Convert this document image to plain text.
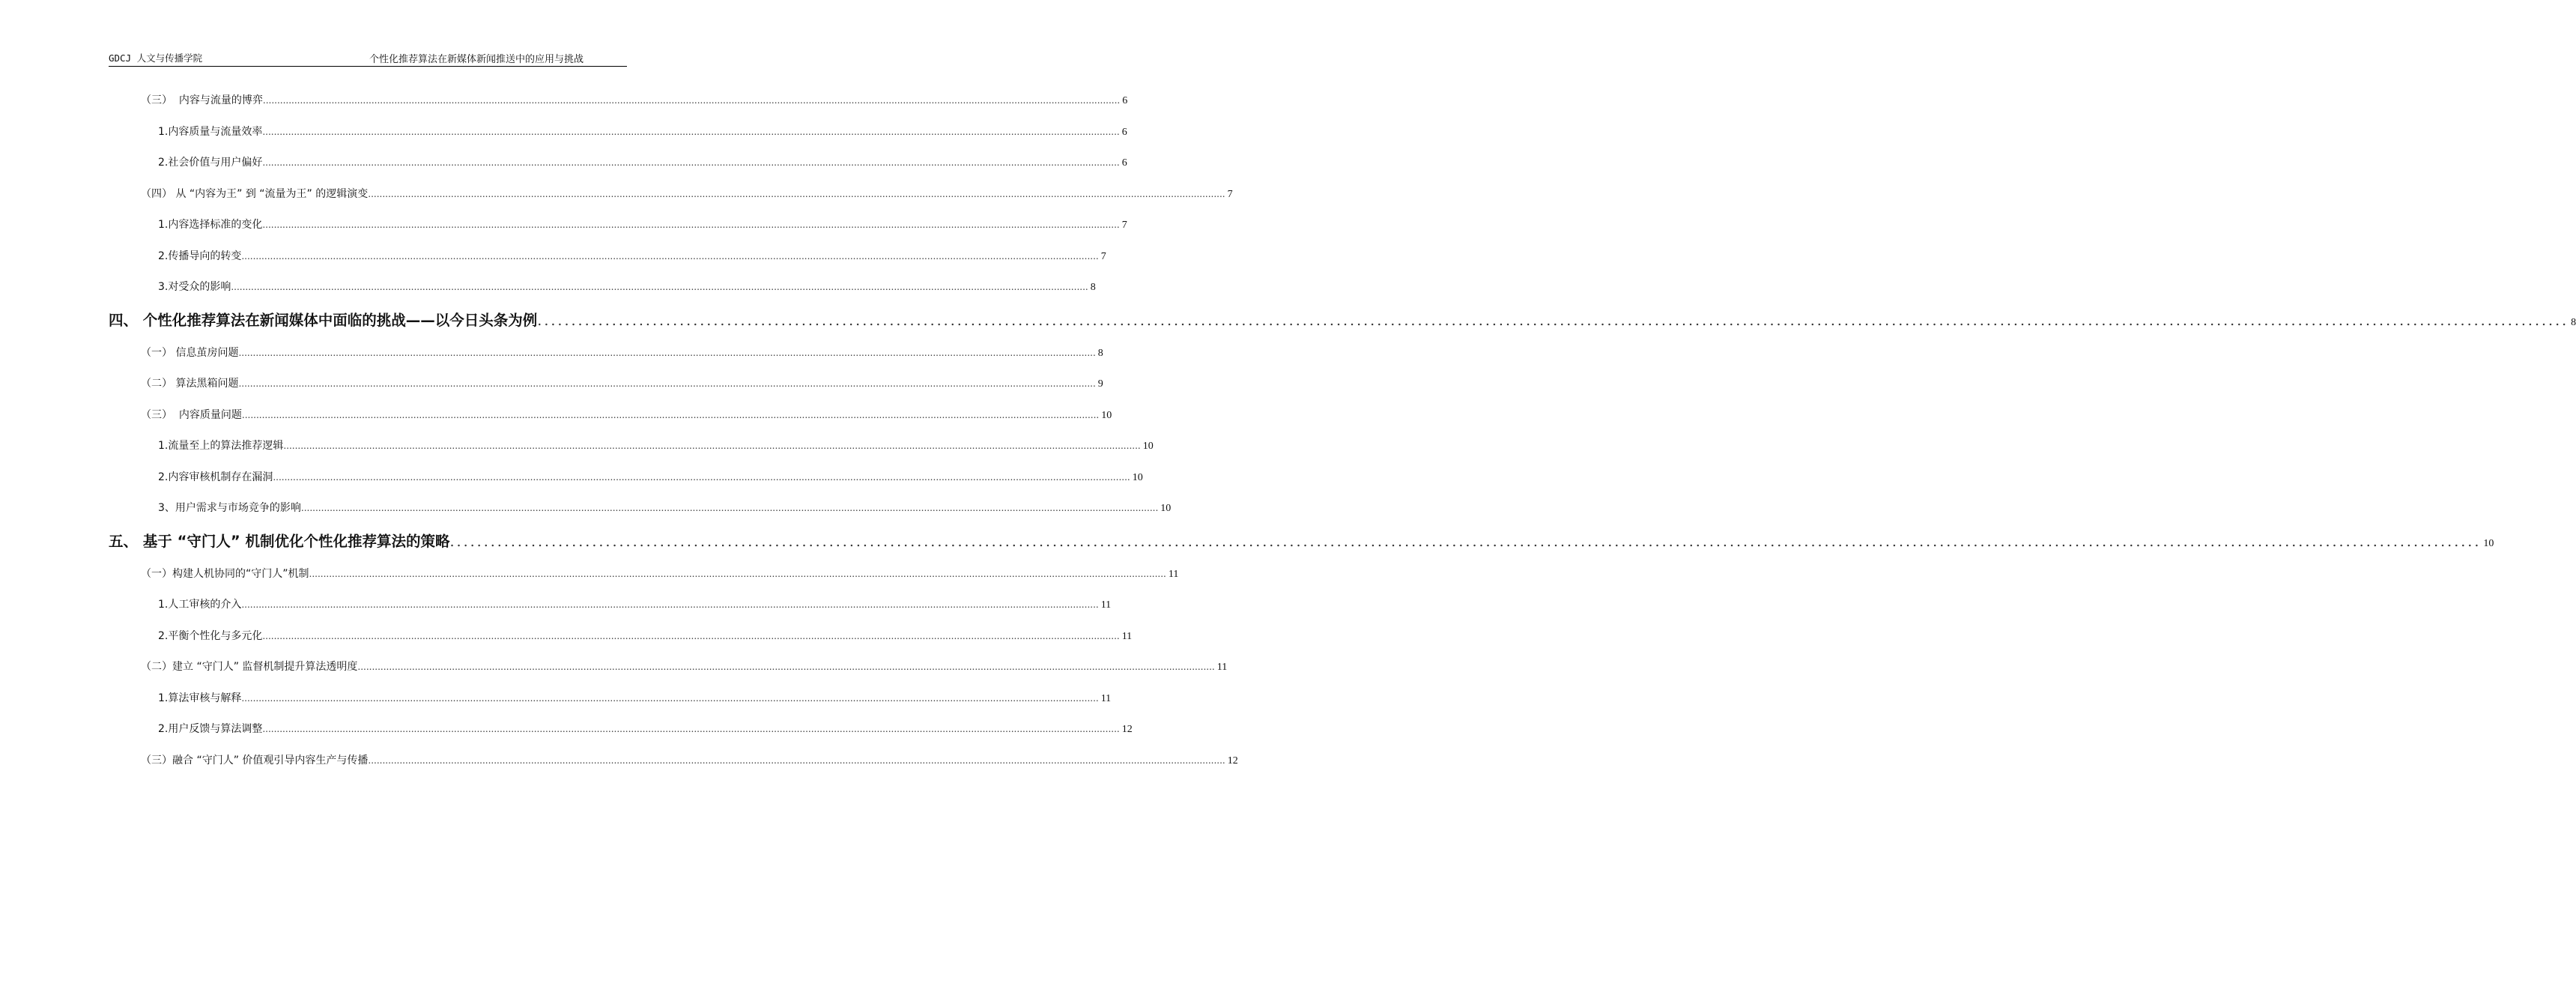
GDCJ 人文与传播学院	个性化推荐算法在新媒体新闻推送中的应用与挑战
（三）  内容与流量的博弈 ............................................................................................................................................................................................................................................................................................................ 6
1.内容质量与流量效率 ............................................................................................................................................................................................................................................................................................................ 6
2.社会价值与用户偏好 ............................................................................................................................................................................................................................................................................................................ 6
（四） 从 “内容为王” 到 “流量为王” 的逻辑演变 ............................................................................................................................................................................................................................................................................................................ 7
1.内容选择标准的变化 ............................................................................................................................................................................................................................................................................................................ 7
2.传播导向的转变 ............................................................................................................................................................................................................................................................................................................ 7
3.对受众的影响 ............................................................................................................................................................................................................................................................................................................ 8
四、 个性化推荐算法在新闻媒体中面临的挑战——以今日头条为例 ............................................................................................................................................................................................................................................................................................................ 8
（一） 信息茧房问题 ............................................................................................................................................................................................................................................................................................................ 8
（二） 算法黑箱问题 ............................................................................................................................................................................................................................................................................................................ 9
（三）  内容质量问题 ............................................................................................................................................................................................................................................................................................................ 10
1.流量至上的算法推荐逻辑 ............................................................................................................................................................................................................................................................................................................ 10
2.内容审核机制存在漏洞 ............................................................................................................................................................................................................................................................................................................ 10
3、用户需求与市场竞争的影响 ............................................................................................................................................................................................................................................................................................................ 10
五、 基于 “守门人” 机制优化个性化推荐算法的策略 ............................................................................................................................................................................................................................................................................................................ 10
（一）构建人机协同的“守门人”机制 ............................................................................................................................................................................................................................................................................................................ 11
1.人工审核的介入 ............................................................................................................................................................................................................................................................................................................ 11
2.平衡个性化与多元化 ............................................................................................................................................................................................................................................................................................................ 11
（二）建立 “守门人” 监督机制提升算法透明度 ............................................................................................................................................................................................................................................................................................................ 11
1.算法审核与解释 ............................................................................................................................................................................................................................................................................................................ 11
2.用户反馈与算法调整 ............................................................................................................................................................................................................................................................................................................ 12
（三）融合 “守门人” 价值观引导内容生产与传播 ............................................................................................................................................................................................................................................................................................................ 12
